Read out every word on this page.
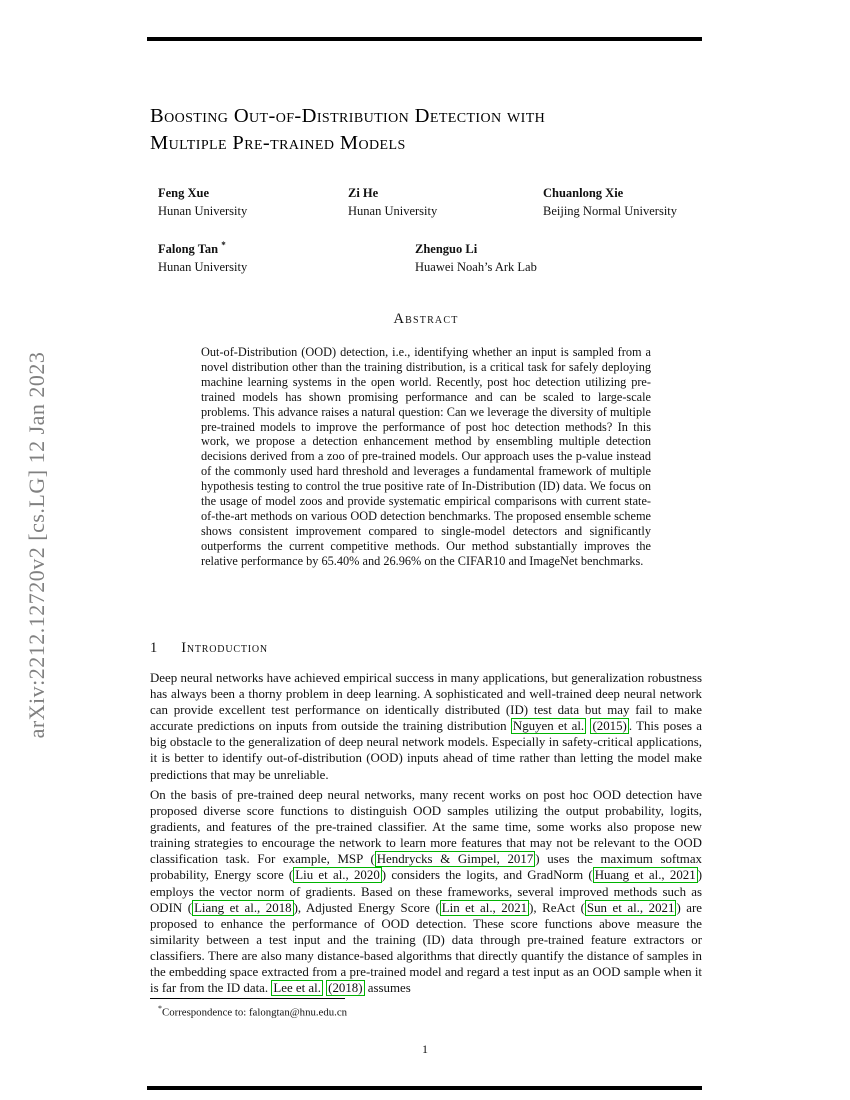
arXiv:2212.12720v2 [cs.LG] 12 Jan 2023
Boosting Out-of-Distribution Detection with
Multiple Pre-trained Models
Feng Xue
Hunan University
Zi He
Hunan University
Chuanlong Xie
Beijing Normal University
Falong Tan *
Hunan University
Zhenguo Li
Huawei Noah’s Ark Lab
Abstract
Out-of-Distribution (OOD) detection, i.e., identifying whether an input is sampled from a novel distribution other than the training distribution, is a critical task for safely deploying machine learning systems in the open world. Recently, post hoc detection utilizing pre-trained models has shown promising performance and can be scaled to large-scale problems. This advance raises a natural question: Can we leverage the diversity of multiple pre-trained models to improve the performance of post hoc detection methods? In this work, we propose a detection enhancement method by ensembling multiple detection decisions derived from a zoo of pre-trained models. Our approach uses the p-value instead of the commonly used hard threshold and leverages a fundamental framework of multiple hypothesis testing to control the true positive rate of In-Distribution (ID) data. We focus on the usage of model zoos and provide systematic empirical comparisons with current state-of-the-art methods on various OOD detection benchmarks. The proposed ensemble scheme shows consistent improvement compared to single-model detectors and significantly outperforms the current competitive methods. Our method substantially improves the relative performance by 65.40% and 26.96% on the CIFAR10 and ImageNet benchmarks.
1 Introduction
Deep neural networks have achieved empirical success in many applications, but generalization robustness has always been a thorny problem in deep learning. A sophisticated and well-trained deep neural network can provide excellent test performance on identically distributed (ID) test data but may fail to make accurate predictions on inputs from outside the training distribution Nguyen et al. (2015) . This poses a big obstacle to the generalization of deep neural network models. Especially in safety-critical applications, it is better to identify out-of-distribution (OOD) inputs ahead of time rather than letting the model make predictions that may be unreliable.
On the basis of pre-trained deep neural networks, many recent works on post hoc OOD detection have proposed diverse score functions to distinguish OOD samples utilizing the output probability, logits, gradients, and features of the pre-trained classifier. At the same time, some works also propose new training strategies to encourage the network to learn more features that may not be relevant to the OOD classification task. For example, MSP ( Hendrycks & Gimpel, 2017 ) uses the maximum softmax probability, Energy score ( Liu et al., 2020 ) considers the logits, and GradNorm ( Huang et al., 2021 ) employs the vector norm of gradients. Based on these frameworks, several improved methods such as ODIN ( Liang et al., 2018 ), Adjusted Energy Score ( Lin et al., 2021 ), ReAct ( Sun et al., 2021 ) are proposed to enhance the performance of OOD detection. These score functions above measure the similarity between a test input and the training (ID) data through pre-trained feature extractors or classifiers. There are also many distance-based algorithms that directly quantify the distance of samples in the embedding space extracted from a pre-trained model and regard a test input as an OOD sample when it is far from the ID data. Lee et al. (2018) assumes
*Correspondence to: falongtan@hnu.edu.cn
1
